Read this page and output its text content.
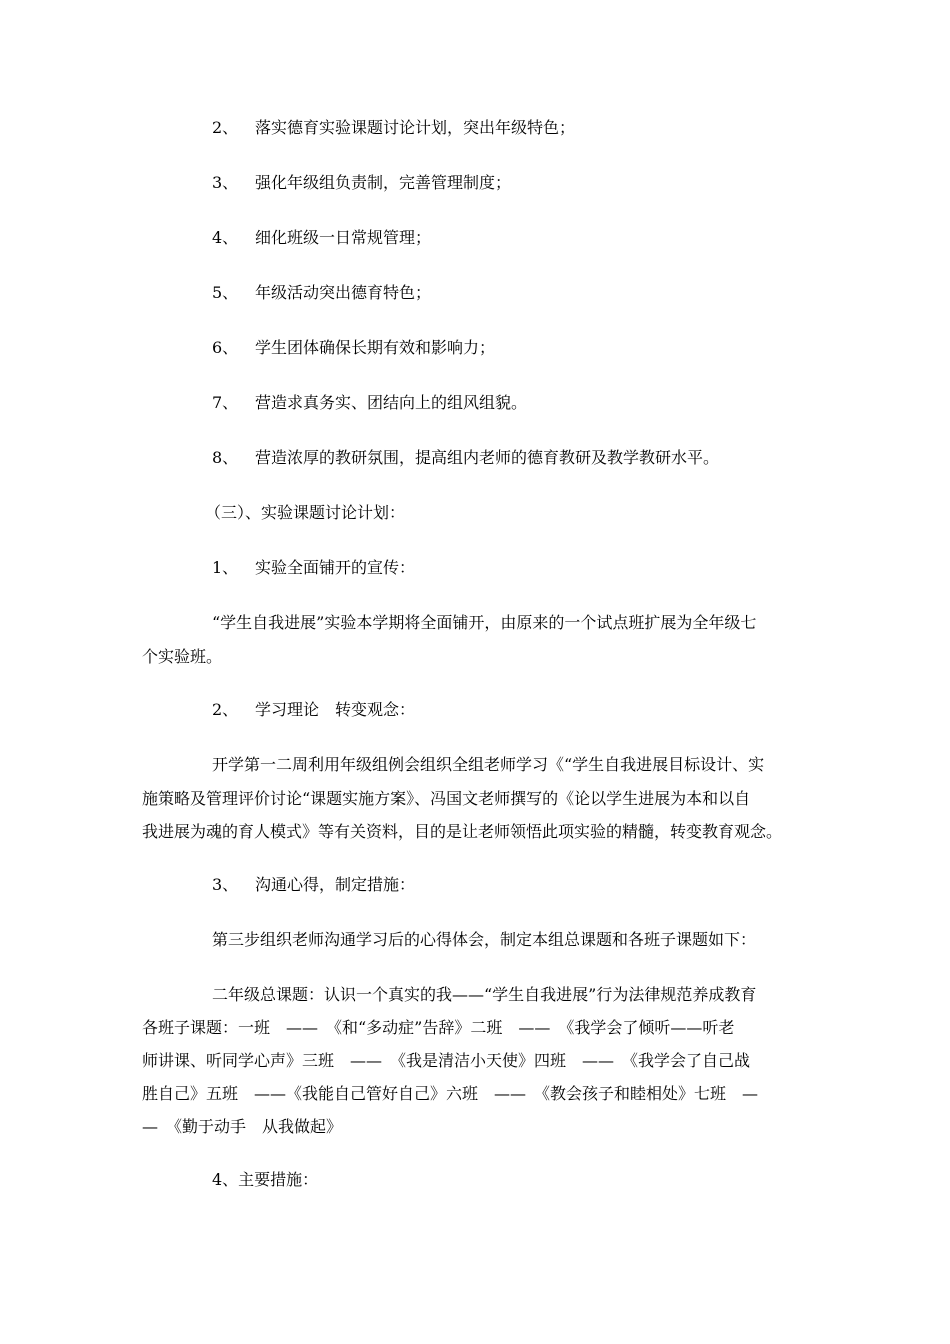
2、 落实德育实验课题讨论计划，突出年级特色；
3、 强化年级组负责制，完善管理制度；
4、 细化班级一日常规管理；
5、 年级活动突出德育特色；
6、 学生团体确保长期有效和影响力；
7、 营造求真务实、团结向上的组风组貌。
8、 营造浓厚的教研氛围，提高组内老师的德育教研及教学教研水平。
（三）、实验课题讨论计划：
1、 实验全面铺开的宣传：
“学生自我进展”实验本学期将全面铺开，由原来的一个试点班扩展为全年级七
个实验班。
2、 学习理论　转变观念：
开学第一二周利用年级组例会组织全组老师学习《“学生自我进展目标设计、实
施策略及管理评价讨论“课题实施方案》、冯国文老师撰写的《论以学生进展为本和以自
我进展为魂的育人模式》等有关资料，目的是让老师领悟此项实验的精髓，转变教育观念。
3、 沟通心得，制定措施：
第三步组织老师沟通学习后的心得体会，制定本组总课题和各班子课题如下：
二年级总课题：认识一个真实的我——“学生自我进展”行为法律规范养成教育
各班子课题：一班　——　《和“多动症”告辞》二班　——　《我学会了倾听——听老
师讲课、听同学心声》三班　——　《我是清洁小天使》四班　——　《我学会了自己战
胜自己》五班　——《我能自己管好自己》六班　——　《教会孩子和睦相处》七班　—
—　《勤于动手　从我做起》
4、主要措施：
